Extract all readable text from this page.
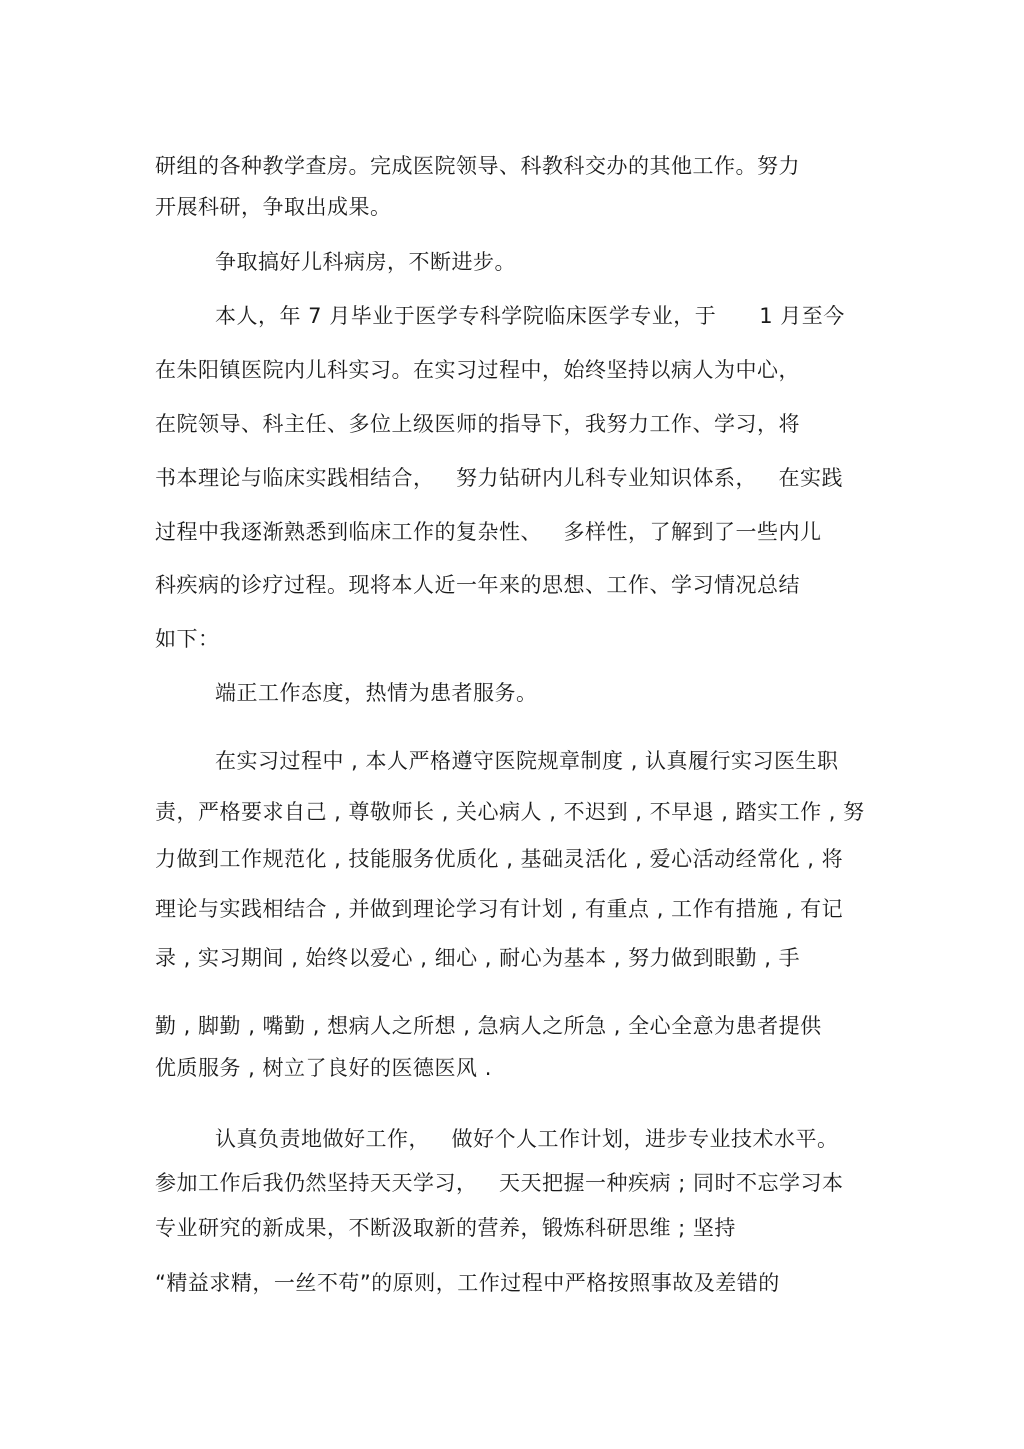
研组的各种教学查房。完成医院领导、科教科交办的其他工作。努力
开展科研，争取出成果。
争取搞好儿科病房，不断进步。
本人，年 7 月毕业于医学专科学院临床医学专业，于      1 月至今
在朱阳镇医院内儿科实习。在实习过程中，始终坚持以病人为中心，
在院领导、科主任、多位上级医师的指导下，我努力工作、学习，将
书本理论与临床实践相结合，   努力钻研内儿科专业知识体系，   在实践
过程中我逐渐熟悉到临床工作的复杂性、   多样性，了解到了一些内儿
科疾病的诊疗过程。现将本人近一年来的思想、工作、学习情况总结
如下：
端正工作态度，热情为患者服务。
在实习过程中 , 本人严格遵守医院规章制度 , 认真履行实习医生职
责，严格要求自己 , 尊敬师长 , 关心病人 , 不迟到 , 不早退 , 踏实工作 , 努
力做到工作规范化 , 技能服务优质化 , 基础灵活化 , 爱心活动经常化 , 将
理论与实践相结合 , 并做到理论学习有计划 , 有重点 , 工作有措施 , 有记
录 , 实习期间 , 始终以爱心 , 细心 , 耐心为基本 , 努力做到眼勤 , 手
勤 , 脚勤 , 嘴勤 , 想病人之所想 , 急病人之所急 , 全心全意为患者提供
优质服务 , 树立了良好的医德医风 .
认真负责地做好工作，   做好个人工作计划，进步专业技术水平。
参加工作后我仍然坚持天天学习，   天天把握一种疾病 ; 同时不忘学习本
专业研究的新成果，不断汲取新的营养，锻炼科研思维 ; 坚持
“精益求精，一丝不苟”的原则，工作过程中严格按照事故及差错的
